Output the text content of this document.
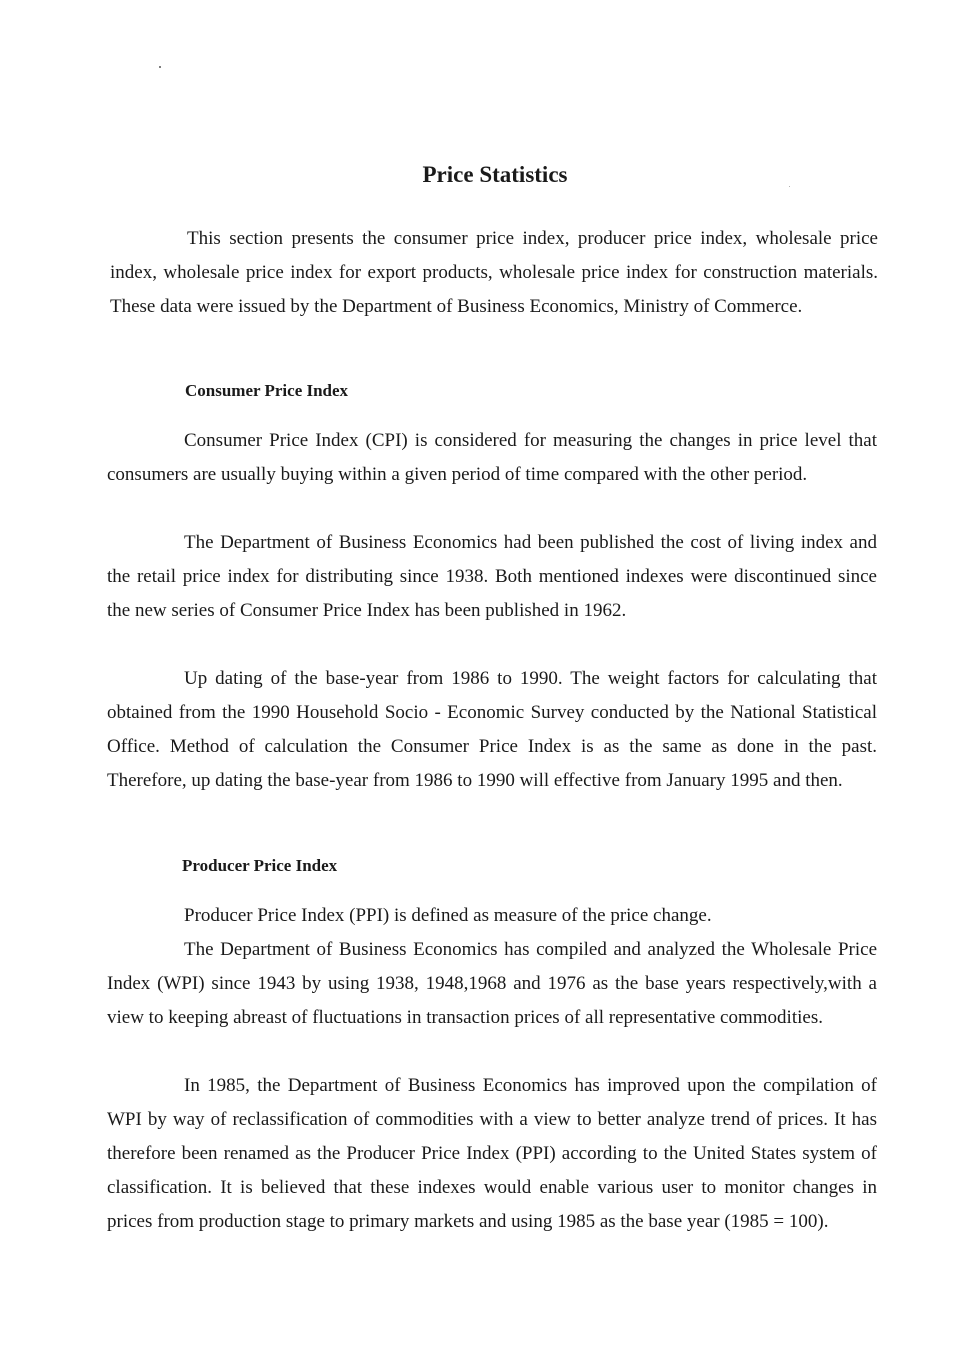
Price Statistics

This section presents the consumer price index, producer price index, wholesale price index, wholesale price index for export products, wholesale price index for construction materials. These data were issued by the Department of Business Economics, Ministry of Commerce.

Consumer Price Index

Consumer Price Index (CPI) is considered for measuring the changes in price level that consumers are usually buying within a given period of time compared with the other period.

The Department of Business Economics had been published the cost of living index and the retail price index for distributing since 1938. Both mentioned indexes were discontinued since the new series of Consumer Price Index has been published in 1962.

Up dating of the base-year from 1986 to 1990. The weight factors for calculating that obtained from the 1990 Household Socio - Economic Survey conducted by the National Statistical Office. Method of calculation the Consumer Price Index is as the same as done in the past. Therefore, up dating the base-year from 1986 to 1990 will effective from January 1995 and then.

Producer Price Index

Producer Price Index (PPI) is defined as measure of the price change.

The Department of Business Economics has compiled and analyzed the Wholesale Price Index (WPI) since 1943 by using 1938, 1948,1968 and 1976 as the base years respectively,with a view to keeping abreast of fluctuations in transaction prices of all representative commodities.

In 1985, the Department of Business Economics has improved upon the compilation of WPI by way of reclassification of commodities with a view to better analyze trend of prices. It has therefore been renamed as the Producer Price Index (PPI) according to the United States system of classification. It is believed that these indexes would enable various user to monitor changes in prices from production stage to primary markets and using 1985 as the base year (1985 = 100).
